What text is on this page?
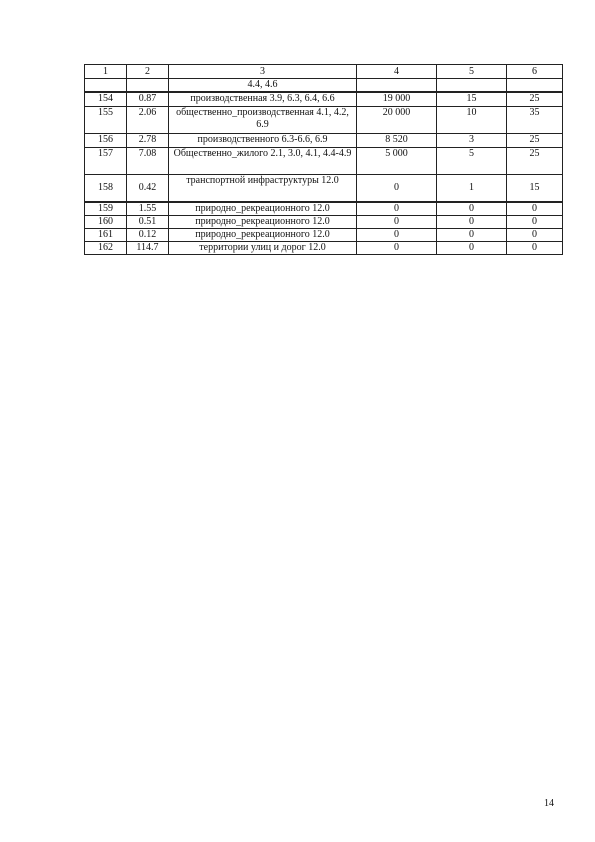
1	2	3	4	5	6
		4.4, 4.6			
154	0.87	производственная 3.9, 6.3, 6.4, 6.6	19 000	15	25
155	2.06	общественно_производственная 4.1, 4.2, 6.9	20 000	10	35
156	2.78	производственного 6.3-6.6, 6.9	8 520	3	25
157	7.08	Общественно_жилого 2.1, 3.0, 4.1, 4.4-4.9	5 000	5	25
158	0.42	транспортной инфраструктуры 12.0	0	1	15
159	1.55	природно_рекреационного 12.0	0	0	0
160	0.51	природно_рекреационного 12.0	0	0	0
161	0.12	природно_рекреационного 12.0	0	0	0
162	114.7	территории улиц и дорог 12.0	0	0	0
14
